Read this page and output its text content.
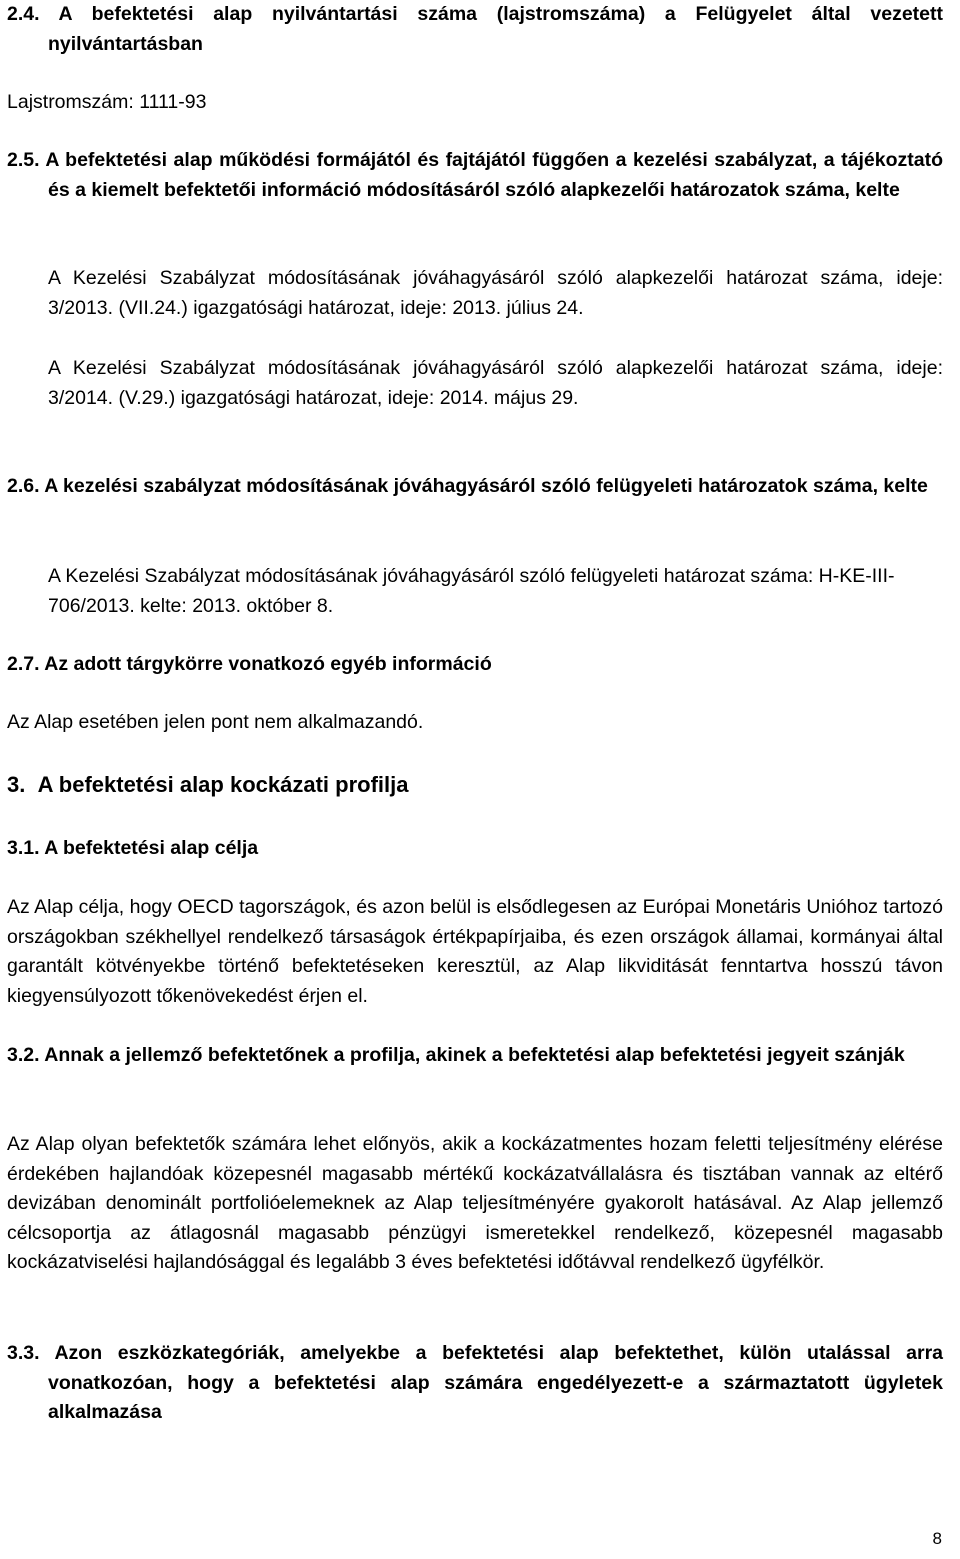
2.4. A befektetési alap nyilvántartási száma (lajstromszáma) a Felügyelet által vezetett nyilvántartásban
Lajstromszám: 1111-93
2.5. A befektetési alap működési formájától és fajtájától függően a kezelési szabályzat, a tájékoztató és a kiemelt befektetői információ módosításáról szóló alapkezelői határozatok száma, kelte
A Kezelési Szabályzat módosításának jóváhagyásáról szóló alapkezelői határozat száma, ideje: 3/2013. (VII.24.) igazgatósági határozat, ideje: 2013. július 24.
A Kezelési Szabályzat módosításának jóváhagyásáról szóló alapkezelői határozat száma, ideje: 3/2014. (V.29.) igazgatósági határozat, ideje: 2014. május 29.
2.6. A kezelési szabályzat módosításának jóváhagyásáról szóló felügyeleti határozatok száma, kelte
A Kezelési Szabályzat módosításának jóváhagyásáról szóló felügyeleti határozat száma: H-KE-III-706/2013. kelte: 2013. október 8.
2.7. Az adott tárgykörre vonatkozó egyéb információ
Az Alap esetében jelen pont nem alkalmazandó.
3. A befektetési alap kockázati profilja
3.1. A befektetési alap célja
Az Alap célja, hogy OECD tagországok, és azon belül is elsődlegesen az Európai Monetáris Unióhoz tartozó országokban székhellyel rendelkező társaságok értékpapírjaiba, és ezen országok államai, kormányai által garantált kötvényekbe történő befektetéseken keresztül, az Alap likviditását fenntartva hosszú távon kiegyensúlyozott tőkenövekedést érjen el.
3.2. Annak a jellemző befektetőnek a profilja, akinek a befektetési alap befektetési jegyeit szánják
Az Alap olyan befektetők számára lehet előnyös, akik a kockázatmentes hozam feletti teljesítmény elérése érdekében hajlandóak közepesnél magasabb mértékű kockázatvállalásra és tisztában vannak az eltérő devizában denominált portfolióelemeknek az Alap teljesítményére gyakorolt hatásával. Az Alap jellemző célcsoportja az átlagosnál magasabb pénzügyi ismeretekkel rendelkező, közepesnél magasabb kockázatviselési hajlandósággal és legalább 3 éves befektetési időtávval rendelkező ügyfélkör.
3.3. Azon eszközkategóriák, amelyekbe a befektetési alap befektethet, külön utalással arra vonatkozóan, hogy a befektetési alap számára engedélyezett-e a származtatott ügyletek alkalmazása
8
